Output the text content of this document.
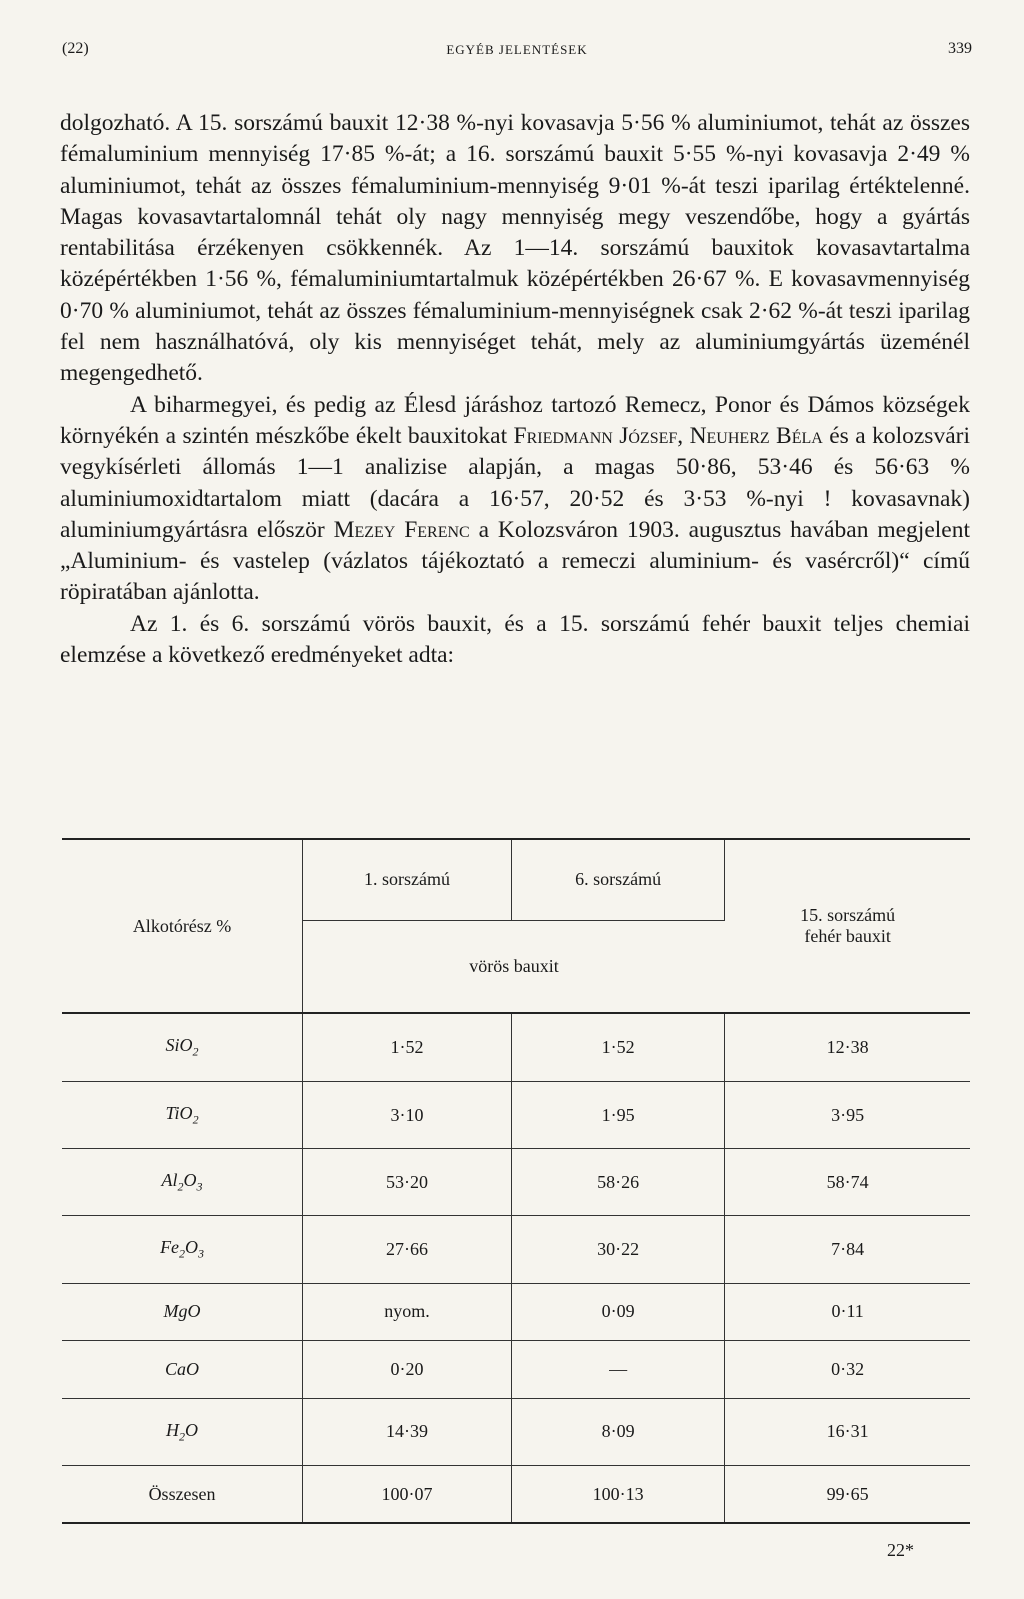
(22)	EGYÉB JELENTÉSEK	339

dolgozható. A 15. sorszámú bauxit 12·38 %-nyi kovasavja 5·56 % aluminiumot, tehát az összes fémaluminium mennyiség 17·85 %-át; a 16. sorszámú bauxit 5·55 %-nyi kovasavja 2·49 % aluminiumot, tehát az összes fémaluminium-mennyiség 9·01 %-át teszi iparilag értéktelenné. Magas kovasavtartalomnál tehát oly nagy mennyiség megy veszendőbe, hogy a gyártás rentabilitása érzékenyen csökkennék. Az 1—14. sorszámú bauxitok kovasavtartalma középértékben 1·56 %, fémaluminiumtartalmuk középértékben 26·67 %. E kovasavmennyiség 0·70 % aluminiumot, tehát az összes fémaluminium-mennyiségnek csak 2·62 %-át teszi iparilag fel nem használhatóvá, oly kis mennyiséget tehát, mely az aluminiumgyártás üzeménél megengedhető.

A biharmegyei, és pedig az Élesd járáshoz tartozó Remecz, Ponor és Dámos községek környékén a szintén mészkőbe ékelt bauxitokat Friedmann József, Neuherz Béla és a kolozsvári vegykísérleti állomás 1—1 analizise alapján, a magas 50·86, 53·46 és 56·63 % aluminiumoxidtartalom miatt (dacára a 16·57, 20·52 és 3·53 %-nyi ! kovasavnak) aluminiumgyártásra először Mezey Ferenc a Kolozsváron 1903. augusztus havában megjelent „Aluminium- és vastelep (vázlatos tájékoztató a remeczi aluminium- és vasércről)“ című röpiratában ajánlotta.

Az 1. és 6. sorszámú vörös bauxit, és a 15. sorszámú fehér bauxit teljes chemiai elemzése a következő eredményeket adta:

Alkotórész %	1. sorszámú	6. sorszámú	15. sorszámú
fehér bauxit

	vörös bauxit		
SiO$_2$	1·52	1·52	12·38
TiO$_2$	3·10	1·95	3·95
$Al_2O_3$	53·20	58·26	58·74
$Fe_2O_3$	27·66	30·22	7·84
MgO	nyom.	0·09	0·11
CaO	0·20	—	0·32
$H_2O$	14·39	8·09	16·31
Összesen	100·07	100·13	99·65
22*
